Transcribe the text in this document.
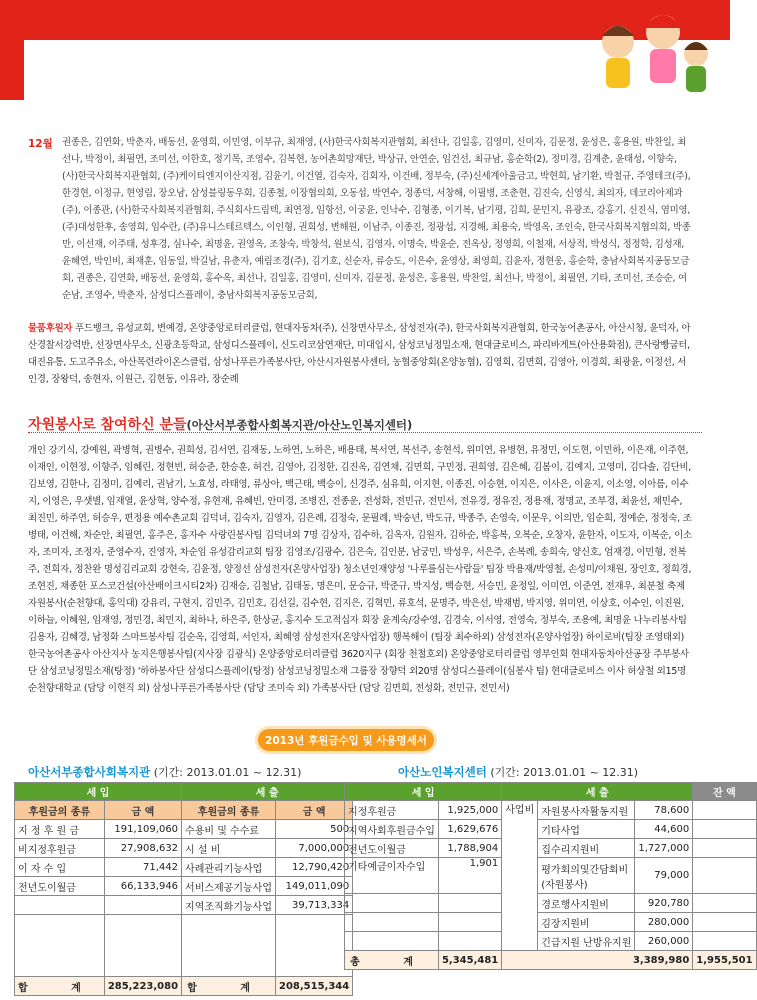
12월 권종은, 김연화, 박춘자, 배동선, 윤영희, 이민영, 이부규, 최재영, (사)한국사회복지관협회, 최선나, 김일홍, 김영미, 신미자, 김문정, 윤성은, 홍용원, 박찬일, 최선나, 박정이, 최필연, 조미선, 이한호, 정기목, 조영수, 김복현, 농어촌희망재단, 박상규, 안연순, 임건선, 최규남, 홍순학(2), 정미경, 김계춘, 윤태성, 이향숙, (사)한국사회복지관협회, (주)케이티엔지이산지점, 김윤기, 이건열, 김숙자, 김회자, 이건배, 정부숙, (주)신세계아울금고, 박현희, 남기환, 박철규, 주영테크(주), 한경현, 이정규, 현영림, 장오남, 삼성블링동우회, 김종철, 이장협의회, 오동섭, 박연수, 정종덕, 서창해, 이필병, 조춘현, 김진숙, 신영식, 최의자, 데코리아제과(주), 이종관, (사)한국사회복지관협회, 주식회사드림텍, 최연정, 임항선, 이궁윤, 인낙수, 김형종, 이기복, 남기평, 김희, 문민지, 유광조, 강홍기, 신진식, 염미영, (주)대성한후, 송영희, 임수란, (주)유니스테르텍스, 이인형, 권희성, 변해원, 이남주, 이종진, 정광섭, 지경해, 최용숙, 박영옥, 조인숙, 한국사회복지협의회, 박종만, 이선재, 이주태, 성후경, 심나수, 최명윤, 권영옥, 조창숙, 박창석, 원보식, 김영자, 이명숙, 박윤순, 전옥상, 정영희, 이철재, 서상적, 박성식, 정정학, 김성재, 윤혜연, 박인비, 최재훈, 임동일, 박길남, 유춘자, 예림조경(주), 김기호, 신순자, 류승도, 이은수, 윤영상, 최영희, 김윤자, 정현웅, 홍순학, 충남사회복지공동모금회, 권종은, 김연화, 배동선, 윤영희, 홍수옥, 최선나, 김일홍, 김영미, 신미자, 김문정, 윤성은, 홍용원, 박찬일, 최선나, 박정이, 최필연, 기타, 조미선, 조승순, 여순남, 조영수, 박춘자, 삼성디스플레이, 충남사회복지공동모금회,
물품후원자 푸드뱅크, 유성교회, 변예경, 온양중앙로터리클럽, 현대자동차(주), 신창면사무소, 삼성전자(주), 한국사회복지관협회, 한국농어촌공사, 아산시청, 윤덕자, 아산경찰서강력반, 선장면사무소, 신광초등학교, 삼성디스플레이, 신도리코삼연재단, 미대입시, 삼성코닝정밀소재, 현대글로비스, 파리바게트(아산용화점), 큰사랑빵굽터, 대진유통, 도고주유소, 아산목련라이온스클럽, 삼성나푸른가족봉사단, 아산시자원봉사센터, 농협중앙회(온양농협), 김영희, 김면희, 김영아, 이경희, 최광윤, 이정선, 서인경, 장왕덕, 송현자, 이원근, 김현동, 이유라, 장순례
자원봉사로 참여하신 분들(아산서부종합사회복지관/아산노인복지센터)
개인 강기식, 강예원, 곽병혁, 권병수, 권희성, 김서연, 김재동, 노하연, 노하은, 배용태, 복서연, 복선주, 송현석, 위미연, 유병현, 유정민, 이도현, 이민하, 이은재, 이주현, 이재인, 이현정, 이향주, 임혜린, 정현빈, 허승준, 한승훈, 허건, 김영아, 김정한, 김진옥, 김연채, 김면희, 구민정, 권희영, 김은혜, 김봄이, 김예지, 고영미, 김다솔, 김단비, 김보영, 김한나, 김정미, 김예리, 권남기, 노효성, 라태영, 류상아, 백근태, 백승이, 신경주, 심유희, 이지현, 이종진, 이승현, 이지은, 이사은, 이윤지, 이소영, 이아름, 이수지, 이영은, 우샛별, 임재열, 윤상혁, 양수정, 유현재, 유혜빈, 안미경, 조병진, 전종운, 전성화, 전민규, 전민서, 전유경, 정유진, 정용재, 정명교, 조부경, 최윤선, 채민수, 최진민, 하주연, 허승우, 편정용 예수촌교회 김덕녀, 김숙자, 김영자, 김은례, 김정숙, 문필례, 박숭년, 박도규, 박종주, 손영숙, 이문우, 이의만, 임순희, 정예순, 정정숙, 조병태, 이건해, 차순안, 최필연, 홍주은, 홍자수 사랑린봉사팀 김덕녀외 7명 김상자, 김수하, 김옥자, 김원자, 김하순, 박홍복, 오복순, 오창자, 윤한자, 이도자, 이복순, 이소자, 조미자, 조정자, 준영수자, 진영자, 차순임 유성감리교회 팀장 김영조/김광수, 김은숙, 김인분, 남궁민, 박성우, 서은주, 손복례, 송희숙, 양신호, 엄재경, 이민형, 전복주, 전희자, 정찬완 명성김리교회 강현숙, 김윤정, 양정선 삼성전자(온양사업장) 청소년인재양성 '나루를심는사람들' 팀장 박용재/박영철, 손성미/이채원, 장인호, 정희경, 조현진, 채종한 포스코건설(아산배이크시티2차) 김재승, 김철남, 김태동, 명은미, 문승규, 박준규, 박지성, 백승현, 서승민, 윤정일, 이미연, 이준연, 전재우, 최분철 축제자원봉사(순천향대, 홍익대) 강유리, 구현지, 김민주, 김민호, 김선길, 김수현, 김지은, 김혁민, 류호석, 문명주, 박은선, 박재범, 박지영, 위미연, 이상호, 이수인, 이진원, 이하늘, 이혜원, 임재영, 정민경, 최민지, 최하나, 하은주, 한상균, 홍지수 도고적십자 회장 윤계숙/강수영, 김경숙, 이서영, 전영숙, 정부숙, 조용예, 최명윤 나누리봉사팀 김용자, 김혜경, 남정화 스마트봉사팀 김순옥, 김영희, 서인자, 최혜영 삼성전자(온양사업장) 행복해이 (팀장 최수하외) 삼성전자(온양사업장) 하이로비(팀장 조영태외) 한국농어촌공사 아산지사 농지은행봉사팀(지사장 김광식) 온양중앙로터리클럽 3620지구 (회장 천철호외) 온양중앙로터리클럽 영부인회 현대자동차아산공장 주부봉사단 삼성코닝정밀소재(탕정) '하하봉사단 삼성디스플레이(탕정) 삼성코닝정밀소재 그룹장 장향덕 외20명 삼성디스플레이(심봉사 팀) 현대글로비스 이사 허상철 외15명 순천향대학교 (담당 이현직 외) 삼성나푸른가족봉사단 (담당 조미숙 외) 가족봉사단 (담당 김면희, 전성화, 전민규, 전민서)
2013년 후원금수입 및 사용명세서
아산서부종합사회복지관 (기간: 2013.01.01 ~ 12.31)
세 입		세 출	
후원금의 종류	금 액	후원금의 종류	금 액
지 정 후 원 금	191,109,060	수용비 및 수수료	500
비지정후원금	27,908,632	시 설 비	7,000,000
이 자 수 입	71,442	사례관리기능사업	12,790,420
전년도이월금	66,133,946	서비스제공기능사업	149,011,090
		지역조직화기능사업	39,713,334

합 계	285,223,080	합 계	208,515,344
아산노인복지센터 (기간: 2013.01.01 ~ 12.31)
세 입		세 출			잔 액
지정후원금	1,925,000	사업비	자원봉사자활동지원	78,600	
지역사회후원금수입	1,629,676		기타사업	44,600	
전년도이월금	1,788,904		집수리지원비	1,727,000	
기타예금이자수입	1,901		평가회의및간담회비(자원봉사)	79,000	
			경로행사지원비	920,780	
			김장지원비	280,000	
			긴급지원 난방유지원	260,000	
총 계	5,345,481	3,389,980			1,955,501
